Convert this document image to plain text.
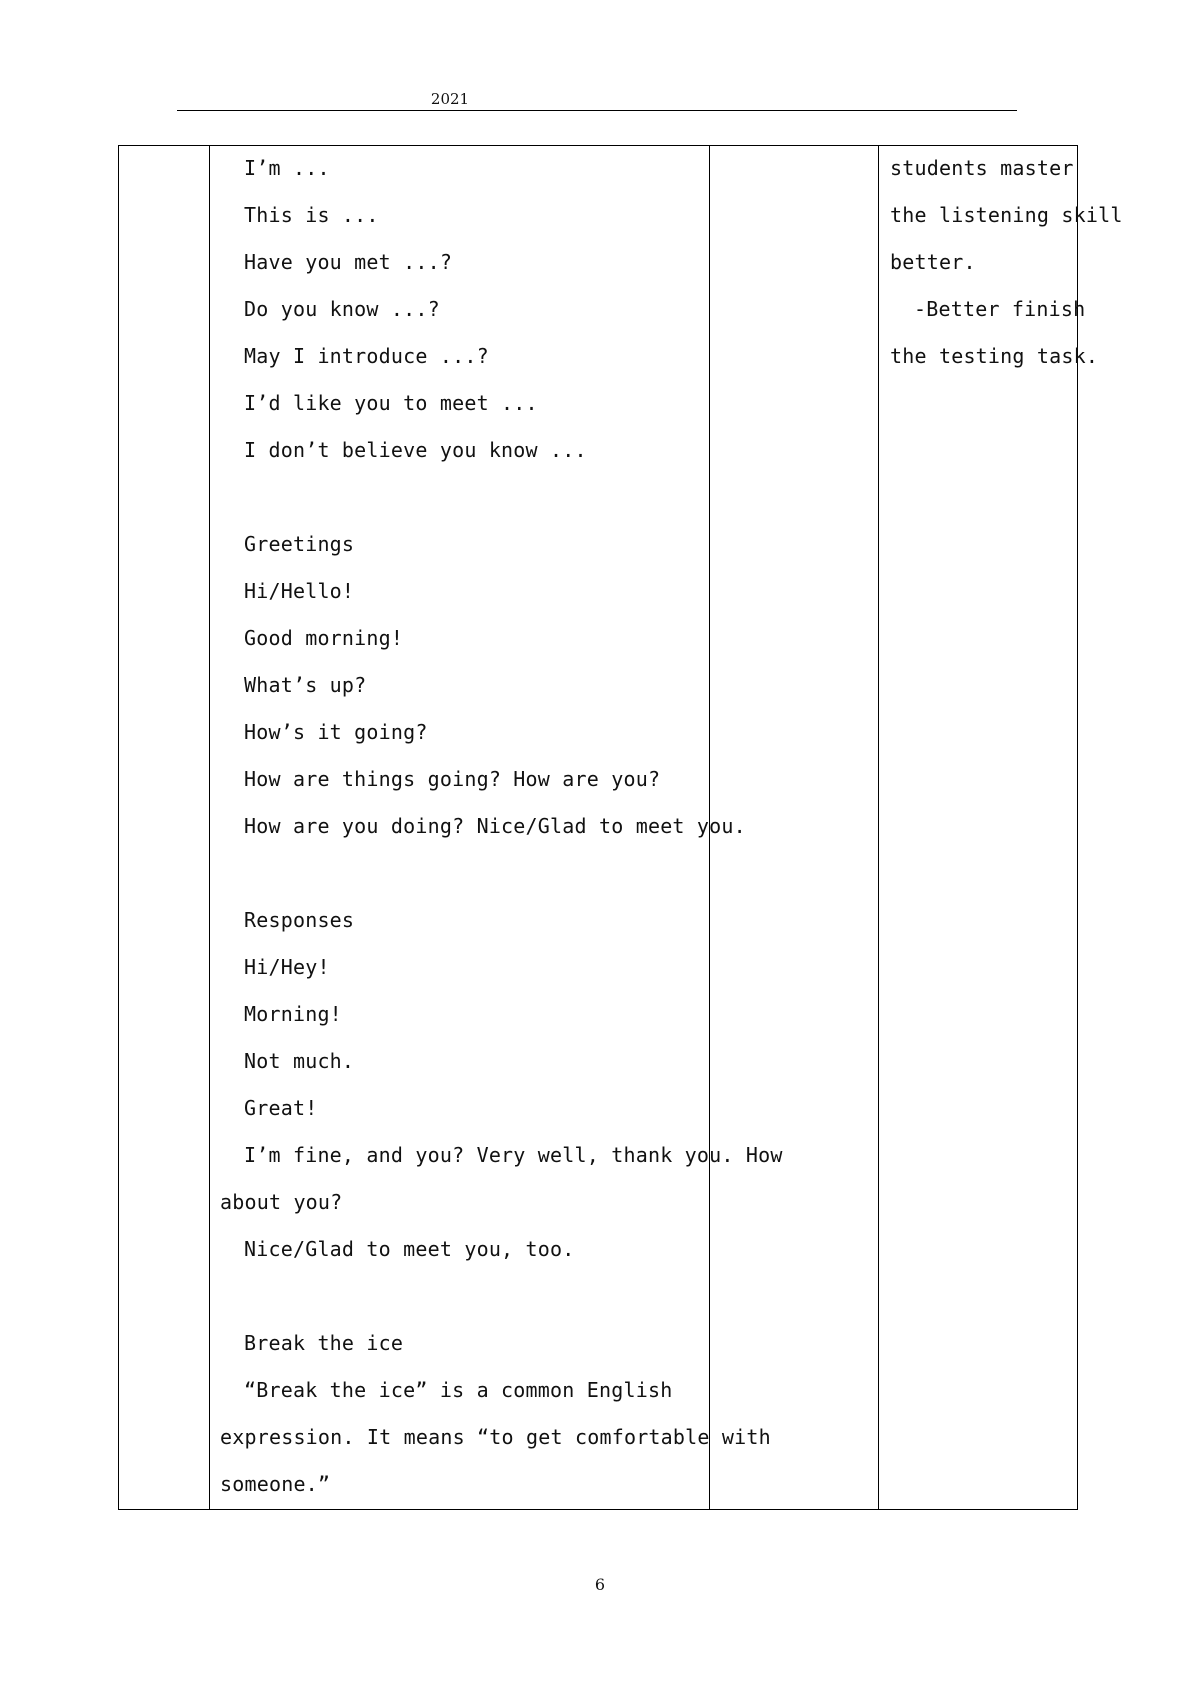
2021
I’m ...
This is ...
Have you met ...?
Do you know ...?
May I introduce ...?
I’d like you to meet ...
I don’t believe you know ...
Greetings
Hi/Hello!
Good morning!
What’s up?
How’s it going?
How are things going? How are you?
How are you doing? Nice/Glad to meet you.
Responses
Hi/Hey!
Morning!
Not much.
Great!
I’m fine, and you? Very well, thank you. How
about you?
Nice/Glad to meet you, too.
Break the ice
“Break the ice” is a common English
expression. It means “to get comfortable with
someone.”
students master
the listening skill
better.
-Better finish
the testing task.
6
